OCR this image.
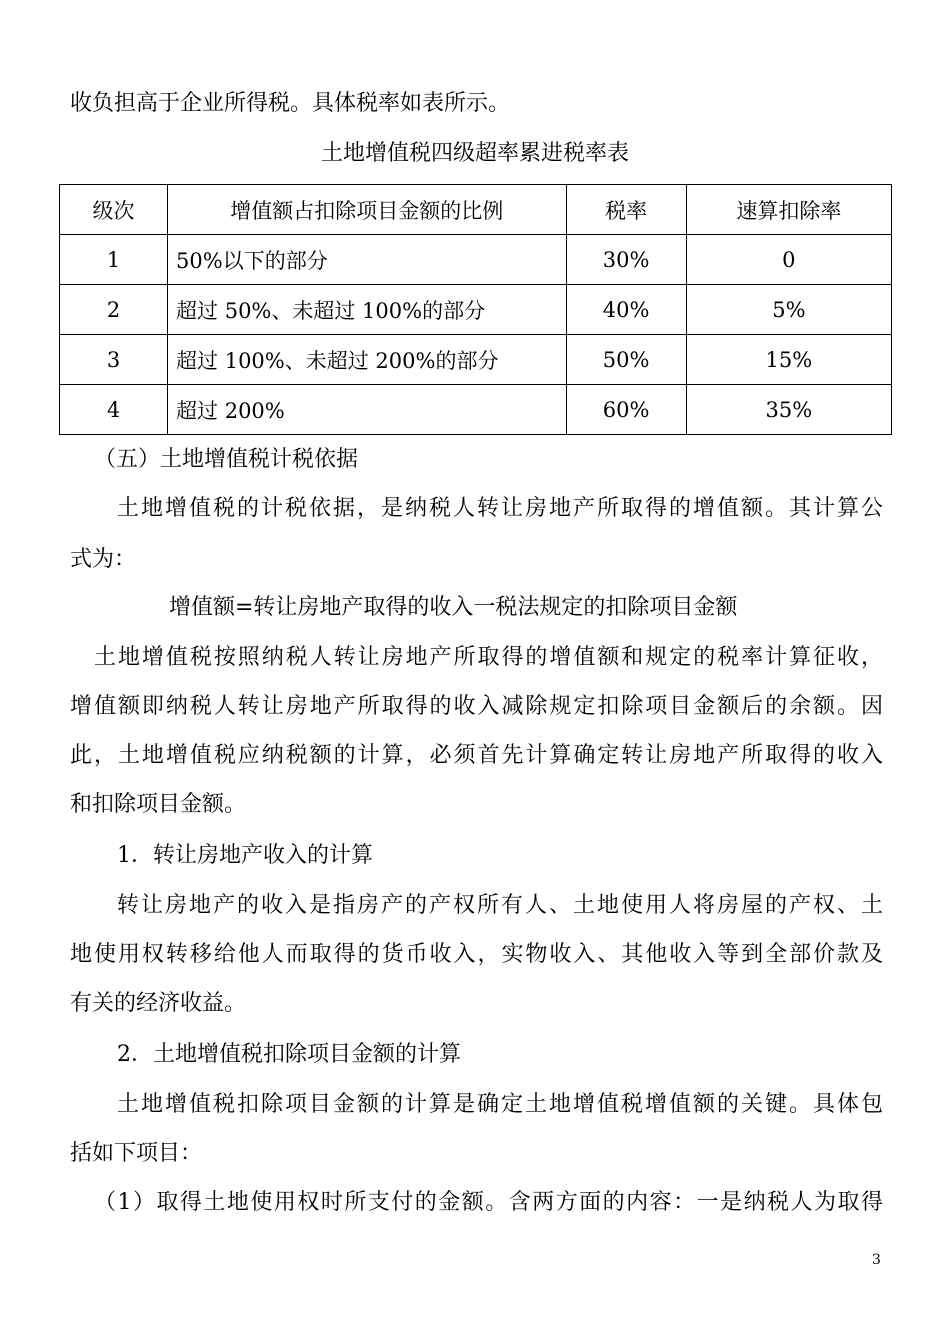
收负担高于企业所得税。具体税率如表所示。
土地增值税四级超率累进税率表
级次	增值额占扣除项目金额的比例	税率	速算扣除率
1	50%以下的部分	30%	0
2	超过 50%、未超过 100%的部分	40%	5%
3	超过 100%、未超过 200%的部分	50%	15%
4	超过 200%	60%	35%
（五）土地增值税计税依据
土地增值税的计税依据，是纳税人转让房地产所取得的增值额。其计算公
式为：
增值额=转让房地产取得的收入一税法规定的扣除项目金额
土地增值税按照纳税人转让房地产所取得的增值额和规定的税率计算征收，
增值额即纳税人转让房地产所取得的收入减除规定扣除项目金额后的余额。因
此，土地增值税应纳税额的计算，必须首先计算确定转让房地产所取得的收入
和扣除项目金额。
1．转让房地产收入的计算
转让房地产的收入是指房产的产权所有人、土地使用人将房屋的产权、土
地使用权转移给他人而取得的货币收入，实物收入、其他收入等到全部价款及
有关的经济收益。
2．土地增值税扣除项目金额的计算
土地增值税扣除项目金额的计算是确定土地增值税增值额的关键。具体包
括如下项目：
（1）取得土地使用权时所支付的金额。含两方面的内容：一是纳税人为取得
3
